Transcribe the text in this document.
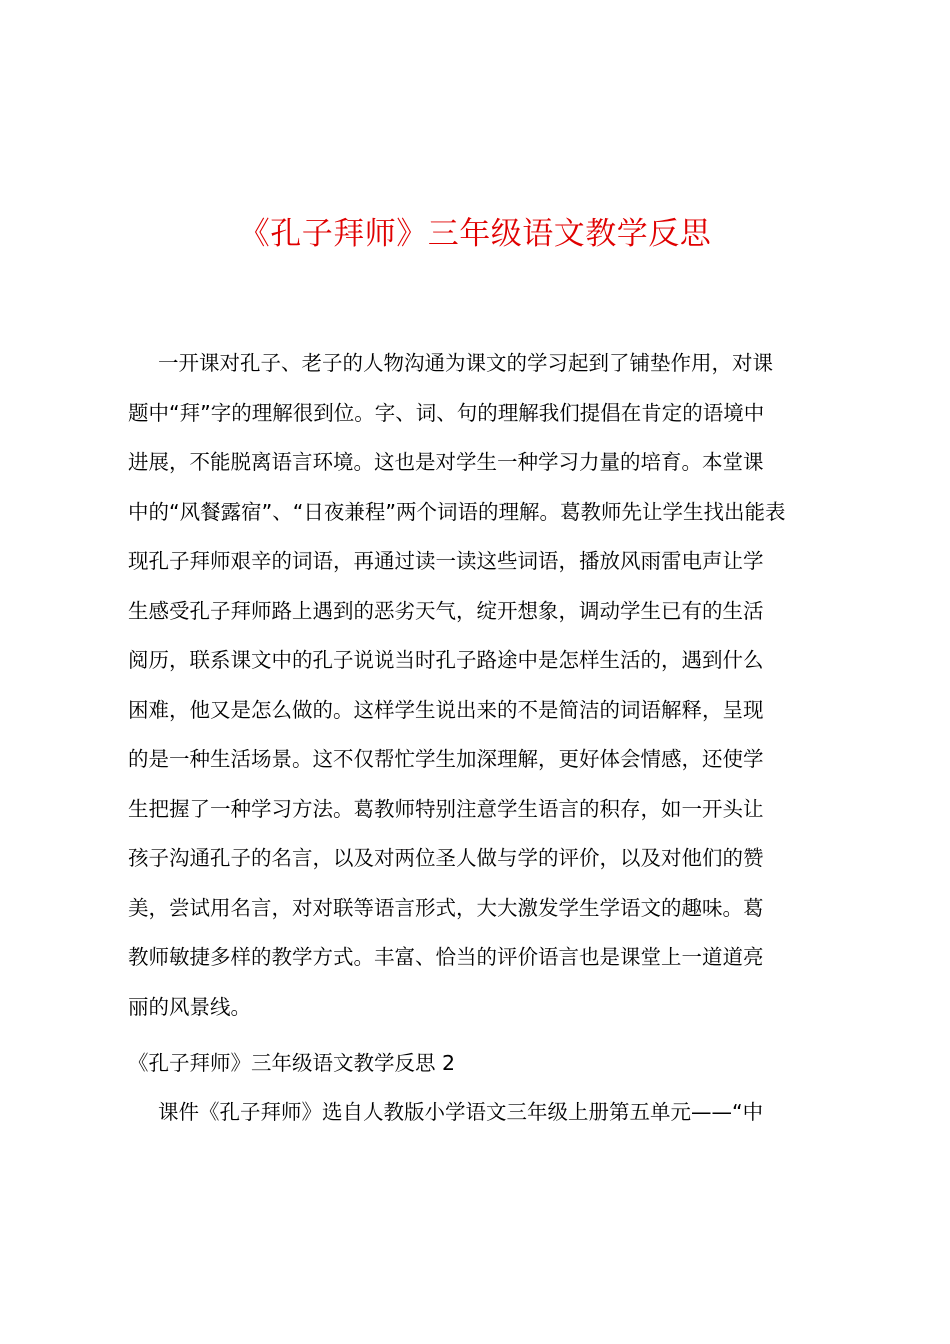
《孔子拜师》三年级语文教学反思
一开课对孔子、老子的人物沟通为课文的学习起到了铺垫作用，对课
题中“拜”字的理解很到位。字、词、句的理解我们提倡在肯定的语境中
进展，不能脱离语言环境。这也是对学生一种学习力量的培育。本堂课
中的“风餐露宿”、“日夜兼程”两个词语的理解。葛教师先让学生找出能表
现孔子拜师艰辛的词语，再通过读一读这些词语，播放风雨雷电声让学
生感受孔子拜师路上遇到的恶劣天气，绽开想象，调动学生已有的生活
阅历，联系课文中的孔子说说当时孔子路途中是怎样生活的，遇到什么
困难，他又是怎么做的。这样学生说出来的不是简洁的词语解释，呈现
的是一种生活场景。这不仅帮忙学生加深理解，更好体会情感，还使学
生把握了一种学习方法。葛教师特别注意学生语言的积存，如一开头让
孩子沟通孔子的名言，以及对两位圣人做与学的评价，以及对他们的赞
美，尝试用名言，对对联等语言形式，大大激发学生学语文的趣味。葛
教师敏捷多样的教学方式。丰富、恰当的评价语言也是课堂上一道道亮
丽的风景线。
《孔子拜师》三年级语文教学反思 2
课件《孔子拜师》选自人教版小学语文三年级上册第五单元——“中
